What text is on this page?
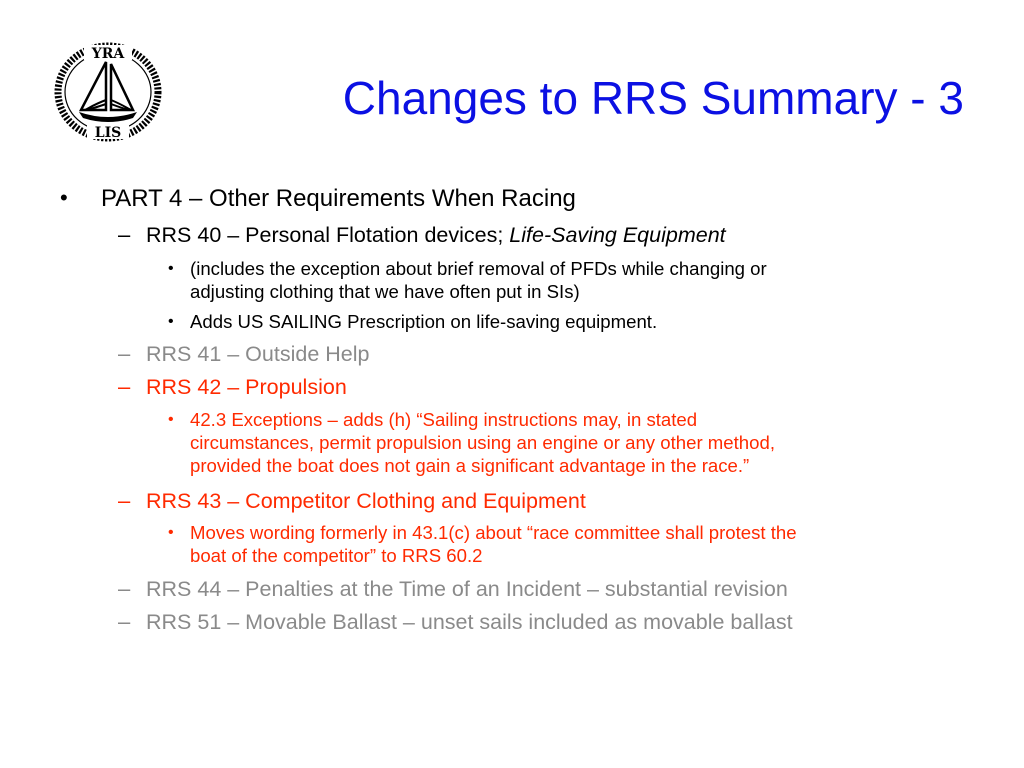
YRA
LIS
Changes to RRS Summary - 3
• PART 4 – Other Requirements When Racing
– RRS 40 – Personal Flotation devices; Life-Saving Equipment
• (includes the exception about brief removal of PFDs while changing or
adjusting clothing that we have often put in SIs)
• Adds US SAILING Prescription on life-saving equipment.
– RRS 41 – Outside Help
– RRS 42 – Propulsion
• 42.3 Exceptions – adds (h) “Sailing instructions may, in stated
circumstances, permit propulsion using an engine or any other method,
provided the boat does not gain a significant advantage in the race.”
– RRS 43 – Competitor Clothing and Equipment
• Moves wording formerly in 43.1(c) about “race committee shall protest the
boat of the competitor” to RRS 60.2
– RRS 44 – Penalties at the Time of an Incident – substantial revision
– RRS 51 – Movable Ballast – unset sails included as movable ballast
